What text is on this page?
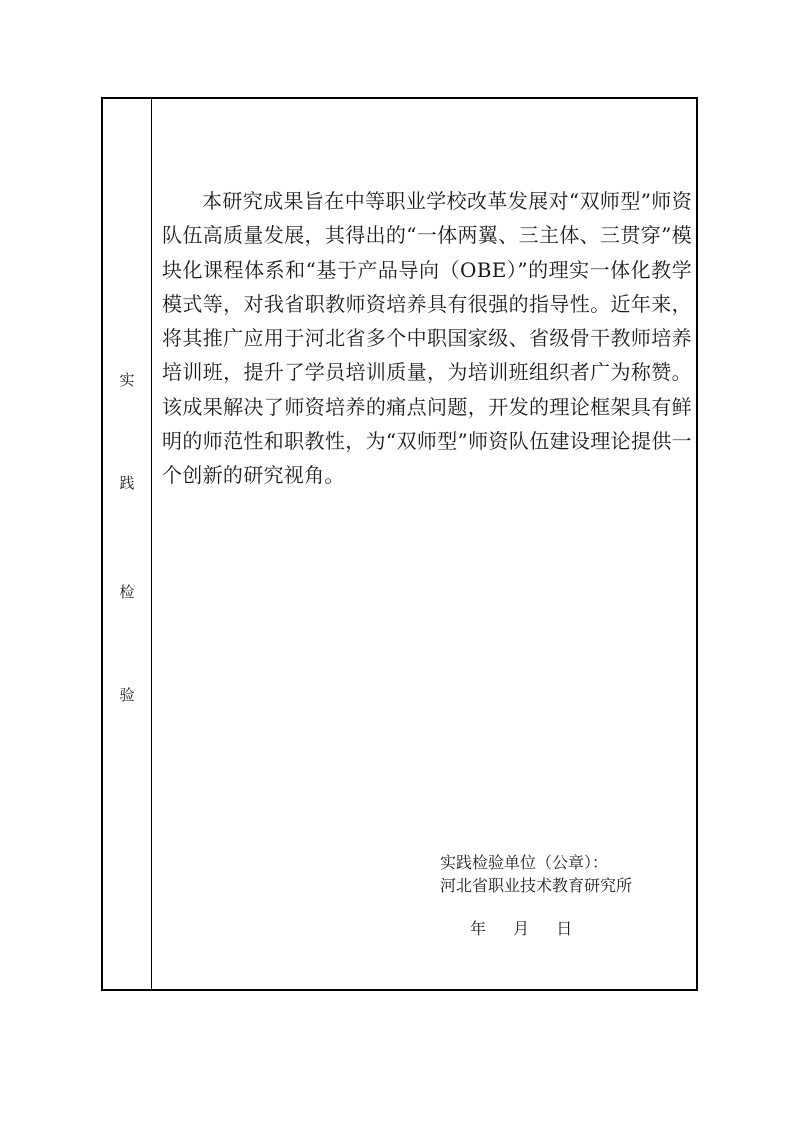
实
践
检
验

本研究成果旨在中等职业学校改革发展对“双师型”师资队伍高质量发展，其得出的“一体两翼、三主体、三贯穿”模块化课程体系和“基于产品导向（OBE）”的理实一体化教学模式等，对我省职教师资培养具有很强的指导性。近年来，将其推广应用于河北省多个中职国家级、省级骨干教师培养培训班，提升了学员培训质量，为培训班组织者广为称赞。该成果解决了师资培养的痛点问题，开发的理论框架具有鲜明的师范性和职教性，为“双师型”师资队伍建设理论提供一个创新的研究视角。

实践检验单位（公章）：
河北省职业技术教育研究所
年 月 日
